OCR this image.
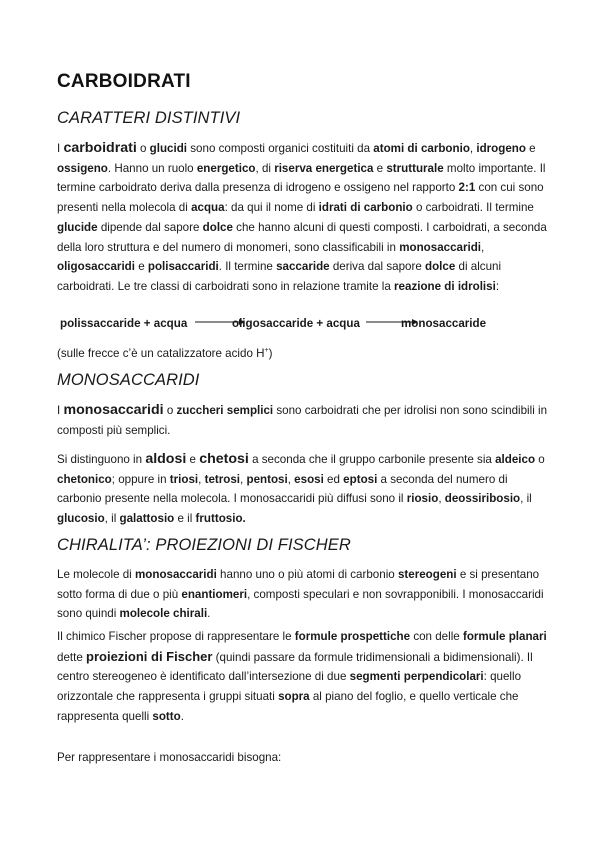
CARBOIDRATI
CARATTERI DISTINTIVI

I carboidrati o glucidi sono composti organici costituiti da atomi di carbonio, idrogeno e ossigeno. Hanno un ruolo energetico, di riserva energetica e strutturale molto importante. Il termine carboidrato deriva dalla presenza di idrogeno e ossigeno nel rapporto 2:1 con cui sono presenti nella molecola di acqua: da qui il nome di idrati di carbonio o carboidrati. Il termine glucide dipende dal sapore dolce che hanno alcuni di questi composti. I carboidrati, a seconda della loro struttura e del numero di monomeri, sono classificabili in monosaccaridi, oligosaccaridi e polisaccaridi. Il termine saccaride deriva dal sapore dolce di alcuni carboidrati. Le tre classi di carboidrati sono in relazione tramite la reazione di idrolisi:

polissaccaride + acqua	oligosaccaride + acqua	monosaccaride

(sulle frecce c’è un catalizzatore acido H+)

MONOSACCARIDI

I monosaccaridi o zuccheri semplici sono carboidrati che per idrolisi non sono scindibili in composti più semplici.

Si distinguono in aldosi e chetosi a seconda che il gruppo carbonile presente sia aldeico o chetonico; oppure in triosi, tetrosi, pentosi, esosi ed eptosi a seconda del numero di carbonio presente nella molecola. I monosaccaridi più diffusi sono il riosio, deossiribosio, il glucosio, il galattosio e il fruttosio.

CHIRALITA’: PROIEZIONI DI FISCHER

Le molecole di monosaccaridi hanno uno o più atomi di carbonio stereogeni e si presentano sotto forma di due o più enantiomeri, composti speculari e non sovrapponibili. I monosaccaridi sono quindi molecole chirali.

Il chimico Fischer propose di rappresentare le formule prospettiche con delle formule planari dette proiezioni di Fischer (quindi passare da formule tridimensionali a bidimensionali). Il centro stereogeneo è identificato dall’intersezione di due segmenti perpendicolari: quello orizzontale che rappresenta i gruppi situati sopra al piano del foglio, e quello verticale che rappresenta quelli sotto.

Per rappresentare i monosaccaridi bisogna:
